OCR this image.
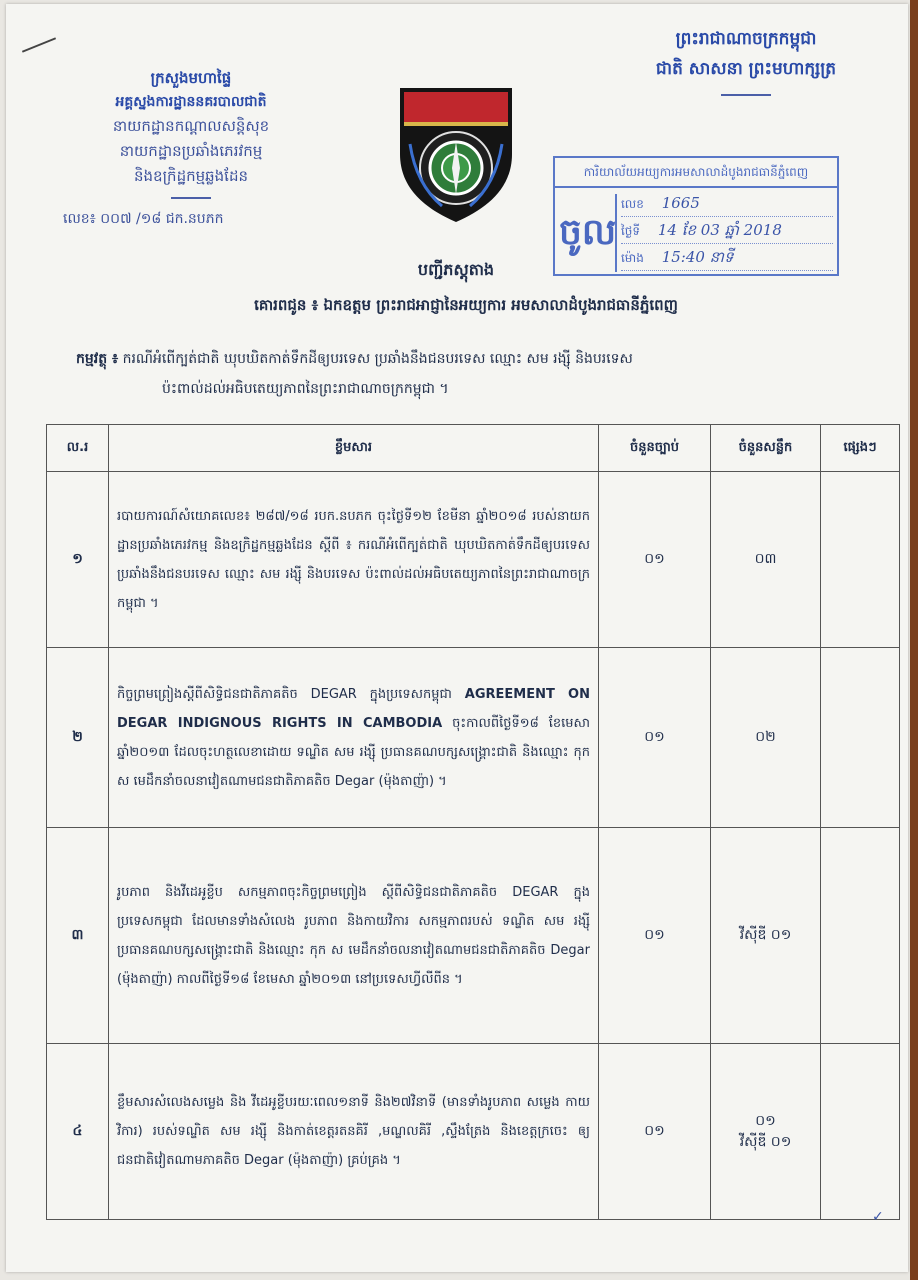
ក្រសួងមហាផ្ទៃ
អគ្គស្នងការដ្ឋាននគរបាលជាតិ
នាយកដ្ឋានកណ្តាលសន្តិសុខ
នាយកដ្ឋានប្រឆាំងភេរវកម្ម
និងឧក្រិដ្ឋកម្មឆ្លងដែន
លេខ៖ ០០៧ /១៨ ជក.នបភក
ព្រះរាជាណាចក្រកម្ពុជា
ជាតិ សាសនា ព្រះមហាក្សត្រ
បញ្ជីភស្តុតាង
ការិយាល័យអយ្យការអមសាលាដំបូងរាជធានីភ្នំពេញ
ចូល
លេខ 1665
ថ្ងៃទី 14 ខែ 03 ឆ្នាំ 2018
ម៉ោង 15:40 នាទី
គោរពជូន ៖ ឯកឧត្តម ព្រះរាជអាជ្ញានៃអយ្យការ អមសាលាដំបូងរាជធានីភ្នំពេញ
កម្មវត្ថុ ៖ ករណីអំពើក្បត់ជាតិ ឃុបឃិតកាត់ទឹកដីឲ្យបរទេស ប្រឆាំងនឹងជនបរទេស ឈ្មោះ សម រង្ស៊ី និងបរទេស
ប៉ះពាល់ដល់អធិបតេយ្យភាពនៃព្រះរាជាណាចក្រកម្ពុជា ។
ល.រ	ខ្លឹមសារ	ចំនួនច្បាប់	ចំនួនសន្លឹក	ផ្សេងៗ
១	របាយការណ៍សំយោគលេខ៖ ២៨៧/១៨ របក.នបភក ចុះថ្ងៃទី១២ ខែមីនា ឆ្នាំ២០១៨ របស់នាយកដ្ឋានប្រឆាំងភេរវកម្ម និងឧក្រិដ្ឋកម្មឆ្លងដែន ស្តីពី ៖ ករណីអំពើក្បត់ជាតិ ឃុបឃិតកាត់ទឹកដីឲ្យបរទេស ប្រឆាំងនឹងជនបរទេស ឈ្មោះ សម រង្ស៊ី និងបរទេស ប៉ះពាល់ដល់អធិបតេយ្យភាពនៃព្រះរាជាណាចក្រកម្ពុជា ។	០១	០៣	
២	កិច្ចព្រមព្រៀងស្តីពីសិទ្ធិជនជាតិភាគតិច DEGAR ក្នុងប្រទេសកម្ពុជា AGREEMENT ON DEGAR INDIGNOUS RIGHTS IN CAMBODIA ចុះកាលពីថ្ងៃទី១៨ ខែមេសា ឆ្នាំ២០១៣ ដែលចុះហត្ថលេខាដោយ ទណ្ឌិត សម រង្ស៊ី ប្រធានគណបក្សសង្គ្រោះជាតិ និងឈ្មោះ កុក ស មេដឹកនាំចលនាវៀតណាមជនជាតិភាគតិច Degar (ម៉ុងតាញ៉ា) ។	០១	០២	
៣	រូបភាព និងវីដេអូខ្លីប សកម្មភាពចុះកិច្ចព្រមព្រៀង ស្តីពីសិទ្ធិជនជាតិភាគតិច DEGAR ក្នុងប្រទេសកម្ពុជា ដែលមានទាំងសំលេង រូបភាព និងកាយវិការ សកម្មភាពរបស់ ទណ្ឌិត សម រង្ស៊ី ប្រធានគណបក្សសង្គ្រោះជាតិ និងឈ្មោះ កុក ស មេដឹកនាំចលនាវៀតណាមជនជាតិភាគតិច Degar (ម៉ុងតាញ៉ា) កាលពីថ្ងៃទី១៨ ខែមេសា ឆ្នាំ២០១៣ នៅប្រទេសហ្វីលីពីន ។	០១	វីស៊ីឌី ០១	
៤	ខ្លឹមសារសំលេងសម្លេង និង វីដេអូខ្លីបរយៈពេល១នាទី និង២៧វិនាទី (មានទាំងរូបភាព សម្លេង កាយវិការ) របស់ទណ្ឌិត សម រង្ស៊ី និងកាត់ខេត្តរតនគិរី ,មណ្ឌលគិរី ,ស្ទឹងត្រែង និងខេត្តក្រចេះ ឲ្យជនជាតិវៀតណាមភាគតិច Degar (ម៉ុងតាញ៉ា) គ្រប់គ្រង ។	០១	០១
វីស៊ីឌី ០១	

✓
